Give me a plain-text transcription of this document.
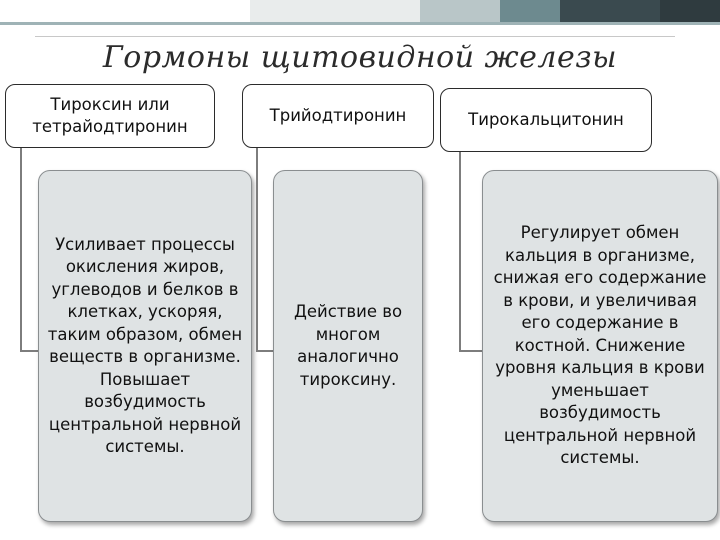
Гормоны щитовидной железы
Тироксин или тетрайодтиронин
Усиливает процессы окисления жиров, углеводов и белков в клетках, ускоряя, таким образом, обмен веществ в организме. Повышает возбудимость центральной нервной системы.
Трийодтиронин
Действие во многом аналогично тироксину.
Тирокальцитонин
Регулирует обмен кальция в организме, снижая его содержание в крови, и увеличивая его содержание в костной. Снижение уровня кальция в крови уменьшает возбудимость центральной нервной системы.
